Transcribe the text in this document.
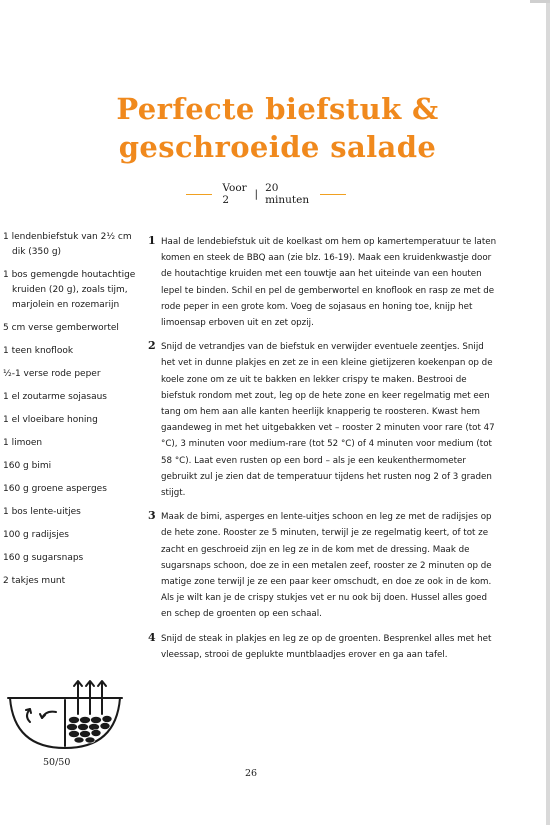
Perfecte biefstuk &
geschroeide salade
Voor 2	| 20 minuten
1 lendenbiefstuk van 2½ cm dik (350 g)
1 bos gemengde houtachtige kruiden (20 g), zoals tijm, marjolein en rozemarijn
5 cm verse gemberwortel
1 teen knoflook
½-1 verse rode peper
1 el zoutarme sojasaus
1 el vloeibare honing
1 limoen
160 g bimi
160 g groene asperges
1 bos lente-uitjes
100 g radijsjes
160 g sugarsnaps
2 takjes munt
1 Haal de lendebiefstuk uit de koelkast om hem op kamertemperatuur te laten komen en steek de BBQ aan (zie blz. 16-19). Maak een kruidenkwastje door de houtachtige kruiden met een touwtje aan het uiteinde van een houten lepel te binden. Schil en pel de gemberwortel en knoflook en rasp ze met de rode peper in een grote kom. Voeg de sojasaus en honing toe, knijp het limoensap erboven uit en zet opzij.
2 Snijd de vetrandjes van de biefstuk en verwijder eventuele zeentjes. Snijd het vet in dunne plakjes en zet ze in een kleine gietijzeren koekenpan op de koele zone om ze uit te bakken en lekker crispy te maken. Bestrooi de biefstuk rondom met zout, leg op de hete zone en keer regelmatig met een tang om hem aan alle kanten heerlijk knapperig te roosteren. Kwast hem gaandeweg in met het uitgebakken vet – rooster 2 minuten voor rare (tot 47 °C), 3 minuten voor medium-rare (tot 52 °C) of 4 minuten voor medium (tot 58 °C). Laat even rusten op een bord – als je een keukenthermometer gebruikt zul je zien dat de temperatuur tijdens het rusten nog 2 of 3 graden stijgt.
3 Maak de bimi, asperges en lente-uitjes schoon en leg ze met de radijsjes op de hete zone. Rooster ze 5 minuten, terwijl je ze regelmatig keert, of tot ze zacht en geschroeid zijn en leg ze in de kom met de dressing. Maak de sugarsnaps schoon, doe ze in een metalen zeef, rooster ze 2 minuten op de matige zone terwijl je ze een paar keer omschudt, en doe ze ook in de kom. Als je wilt kan je de crispy stukjes vet er nu ook bij doen. Hussel alles goed en schep de groenten op een schaal.
4 Snijd de steak in plakjes en leg ze op de groenten. Besprenkel alles met het vleessap, strooi de geplukte muntblaadjes erover en ga aan tafel.
50/50
26
